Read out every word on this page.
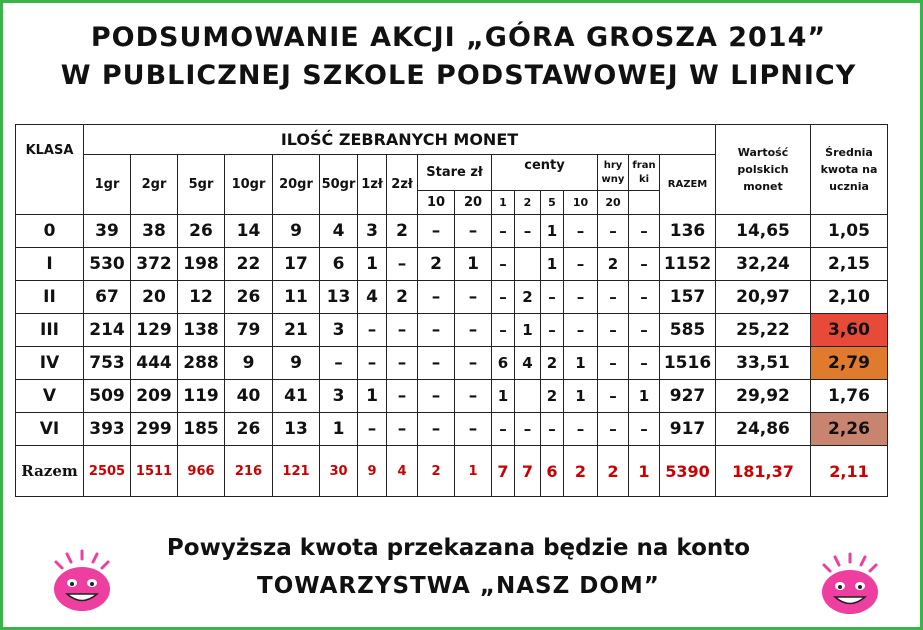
PODSUMOWANIE AKCJI „GÓRA GROSZA 2014”
W PUBLICZNEJ SZKOLE PODSTAWOWEJ W LIPNICY
KLASA	ILOŚĆ ZEBRANYCH MONET																	Wartość polskich monet	Średnia kwota na ucznia
	1gr	2gr	5gr	10gr	20gr	50gr	1zł	2zł	Stare zł		centy				hry wny	fran ki	RAZEM		
									10	20	1	2	5	10	20				
0	39	38	26	14	9	4	3	2	–	–	–	–	1	–	–	–	136	14,65	1,05
I	530	372	198	22	17	6	1	–	2	1	–		1	–	2	–	1152	32,24	2,15
II	67	20	12	26	11	13	4	2	–	–	–	2	–	–	–	–	157	20,97	2,10
III	214	129	138	79	21	3	–	–	–	–	–	1	–	–	–	–	585	25,22	3,60
IV	753	444	288	9	9	–	–	–	–	–	6	4	2	1	–	–	1516	33,51	2,79
V	509	209	119	40	41	3	1	–	–	–	1		2	1	–	1	927	29,92	1,76
VI	393	299	185	26	13	1	–	–	–	–	–	–	–	–	–	–	917	24,86	2,26
Razem	2505	1511	966	216	121	30	9	4	2	1	7	7	6	2	2	1	5390	181,37	2,11
Powyższa kwota przekazana będzie na konto
TOWARZYSTWA „NASZ DOM”
